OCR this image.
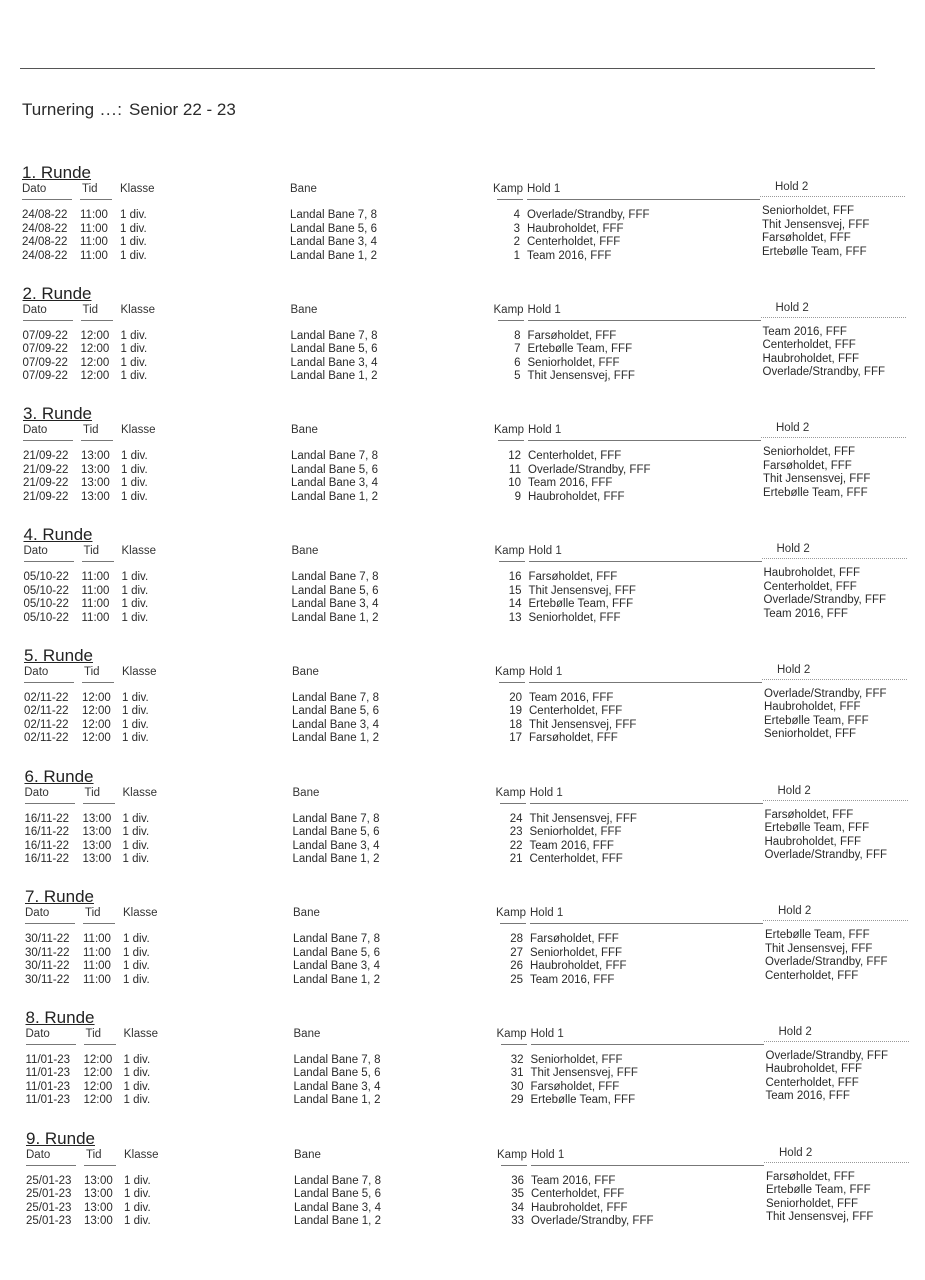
Turnering ...: Senior 22 - 23
1. Runde
Dato	Tid Klasse	Bane	Kamp Hold 1	Hold 2
24/08-22 11:00 1 div.	Landal Bane 7, 8	4 Overlade/Strandby, FFF	Seniorholdet, FFF
24/08-22 11:00 1 div.	Landal Bane 5, 6	3 Haubroholdet, FFF	Thit Jensensvej, FFF
24/08-22 11:00 1 div.	Landal Bane 3, 4	2 Centerholdet, FFF	Farsøholdet, FFF
24/08-22 11:00 1 div.	Landal Bane 1, 2	1 Team 2016, FFF	Ertebølle Team, FFF
2. Runde
Dato	Tid Klasse	Bane	Kamp Hold 1	Hold 2
07/09-22 12:00 1 div.	Landal Bane 7, 8	8 Farsøholdet, FFF	Team 2016, FFF
07/09-22 12:00 1 div.	Landal Bane 5, 6	7 Ertebølle Team, FFF	Centerholdet, FFF
07/09-22 12:00 1 div.	Landal Bane 3, 4	6 Seniorholdet, FFF	Haubroholdet, FFF
07/09-22 12:00 1 div.	Landal Bane 1, 2	5 Thit Jensensvej, FFF	Overlade/Strandby, FFF
3. Runde
Dato	Tid Klasse	Bane	Kamp Hold 1	Hold 2
21/09-22 13:00 1 div.	Landal Bane 7, 8	12 Centerholdet, FFF	Seniorholdet, FFF
21/09-22 13:00 1 div.	Landal Bane 5, 6	11 Overlade/Strandby, FFF	Farsøholdet, FFF
21/09-22 13:00 1 div.	Landal Bane 3, 4	10 Team 2016, FFF	Thit Jensensvej, FFF
21/09-22 13:00 1 div.	Landal Bane 1, 2	9 Haubroholdet, FFF	Ertebølle Team, FFF
4. Runde
Dato	Tid Klasse	Bane	Kamp Hold 1	Hold 2
05/10-22 11:00 1 div.	Landal Bane 7, 8	16 Farsøholdet, FFF	Haubroholdet, FFF
05/10-22 11:00 1 div.	Landal Bane 5, 6	15 Thit Jensensvej, FFF	Centerholdet, FFF
05/10-22 11:00 1 div.	Landal Bane 3, 4	14 Ertebølle Team, FFF	Overlade/Strandby, FFF
05/10-22 11:00 1 div.	Landal Bane 1, 2	13 Seniorholdet, FFF	Team 2016, FFF
5. Runde
Dato	Tid Klasse	Bane	Kamp Hold 1	Hold 2
02/11-22 12:00 1 div.	Landal Bane 7, 8	20 Team 2016, FFF	Overlade/Strandby, FFF
02/11-22 12:00 1 div.	Landal Bane 5, 6	19 Centerholdet, FFF	Haubroholdet, FFF
02/11-22 12:00 1 div.	Landal Bane 3, 4	18 Thit Jensensvej, FFF	Ertebølle Team, FFF
02/11-22 12:00 1 div.	Landal Bane 1, 2	17 Farsøholdet, FFF	Seniorholdet, FFF
6. Runde
Dato	Tid Klasse	Bane	Kamp Hold 1	Hold 2
16/11-22 13:00 1 div.	Landal Bane 7, 8	24 Thit Jensensvej, FFF	Farsøholdet, FFF
16/11-22 13:00 1 div.	Landal Bane 5, 6	23 Seniorholdet, FFF	Ertebølle Team, FFF
16/11-22 13:00 1 div.	Landal Bane 3, 4	22 Team 2016, FFF	Haubroholdet, FFF
16/11-22 13:00 1 div.	Landal Bane 1, 2	21 Centerholdet, FFF	Overlade/Strandby, FFF
7. Runde
Dato	Tid Klasse	Bane	Kamp Hold 1	Hold 2
30/11-22 11:00 1 div.	Landal Bane 7, 8	28 Farsøholdet, FFF	Ertebølle Team, FFF
30/11-22 11:00 1 div.	Landal Bane 5, 6	27 Seniorholdet, FFF	Thit Jensensvej, FFF
30/11-22 11:00 1 div.	Landal Bane 3, 4	26 Haubroholdet, FFF	Overlade/Strandby, FFF
30/11-22 11:00 1 div.	Landal Bane 1, 2	25 Team 2016, FFF	Centerholdet, FFF
8. Runde
Dato	Tid Klasse	Bane	Kamp Hold 1	Hold 2
11/01-23 12:00 1 div.	Landal Bane 7, 8	32 Seniorholdet, FFF	Overlade/Strandby, FFF
11/01-23 12:00 1 div.	Landal Bane 5, 6	31 Thit Jensensvej, FFF	Haubroholdet, FFF
11/01-23 12:00 1 div.	Landal Bane 3, 4	30 Farsøholdet, FFF	Centerholdet, FFF
11/01-23 12:00 1 div.	Landal Bane 1, 2	29 Ertebølle Team, FFF	Team 2016, FFF
9. Runde
Dato	Tid Klasse	Bane	Kamp Hold 1	Hold 2
25/01-23 13:00 1 div.	Landal Bane 7, 8	36 Team 2016, FFF	Farsøholdet, FFF
25/01-23 13:00 1 div.	Landal Bane 5, 6	35 Centerholdet, FFF	Ertebølle Team, FFF
25/01-23 13:00 1 div.	Landal Bane 3, 4	34 Haubroholdet, FFF	Seniorholdet, FFF
25/01-23 13:00 1 div.	Landal Bane 1, 2	33 Overlade/Strandby, FFF	Thit Jensensvej, FFF
